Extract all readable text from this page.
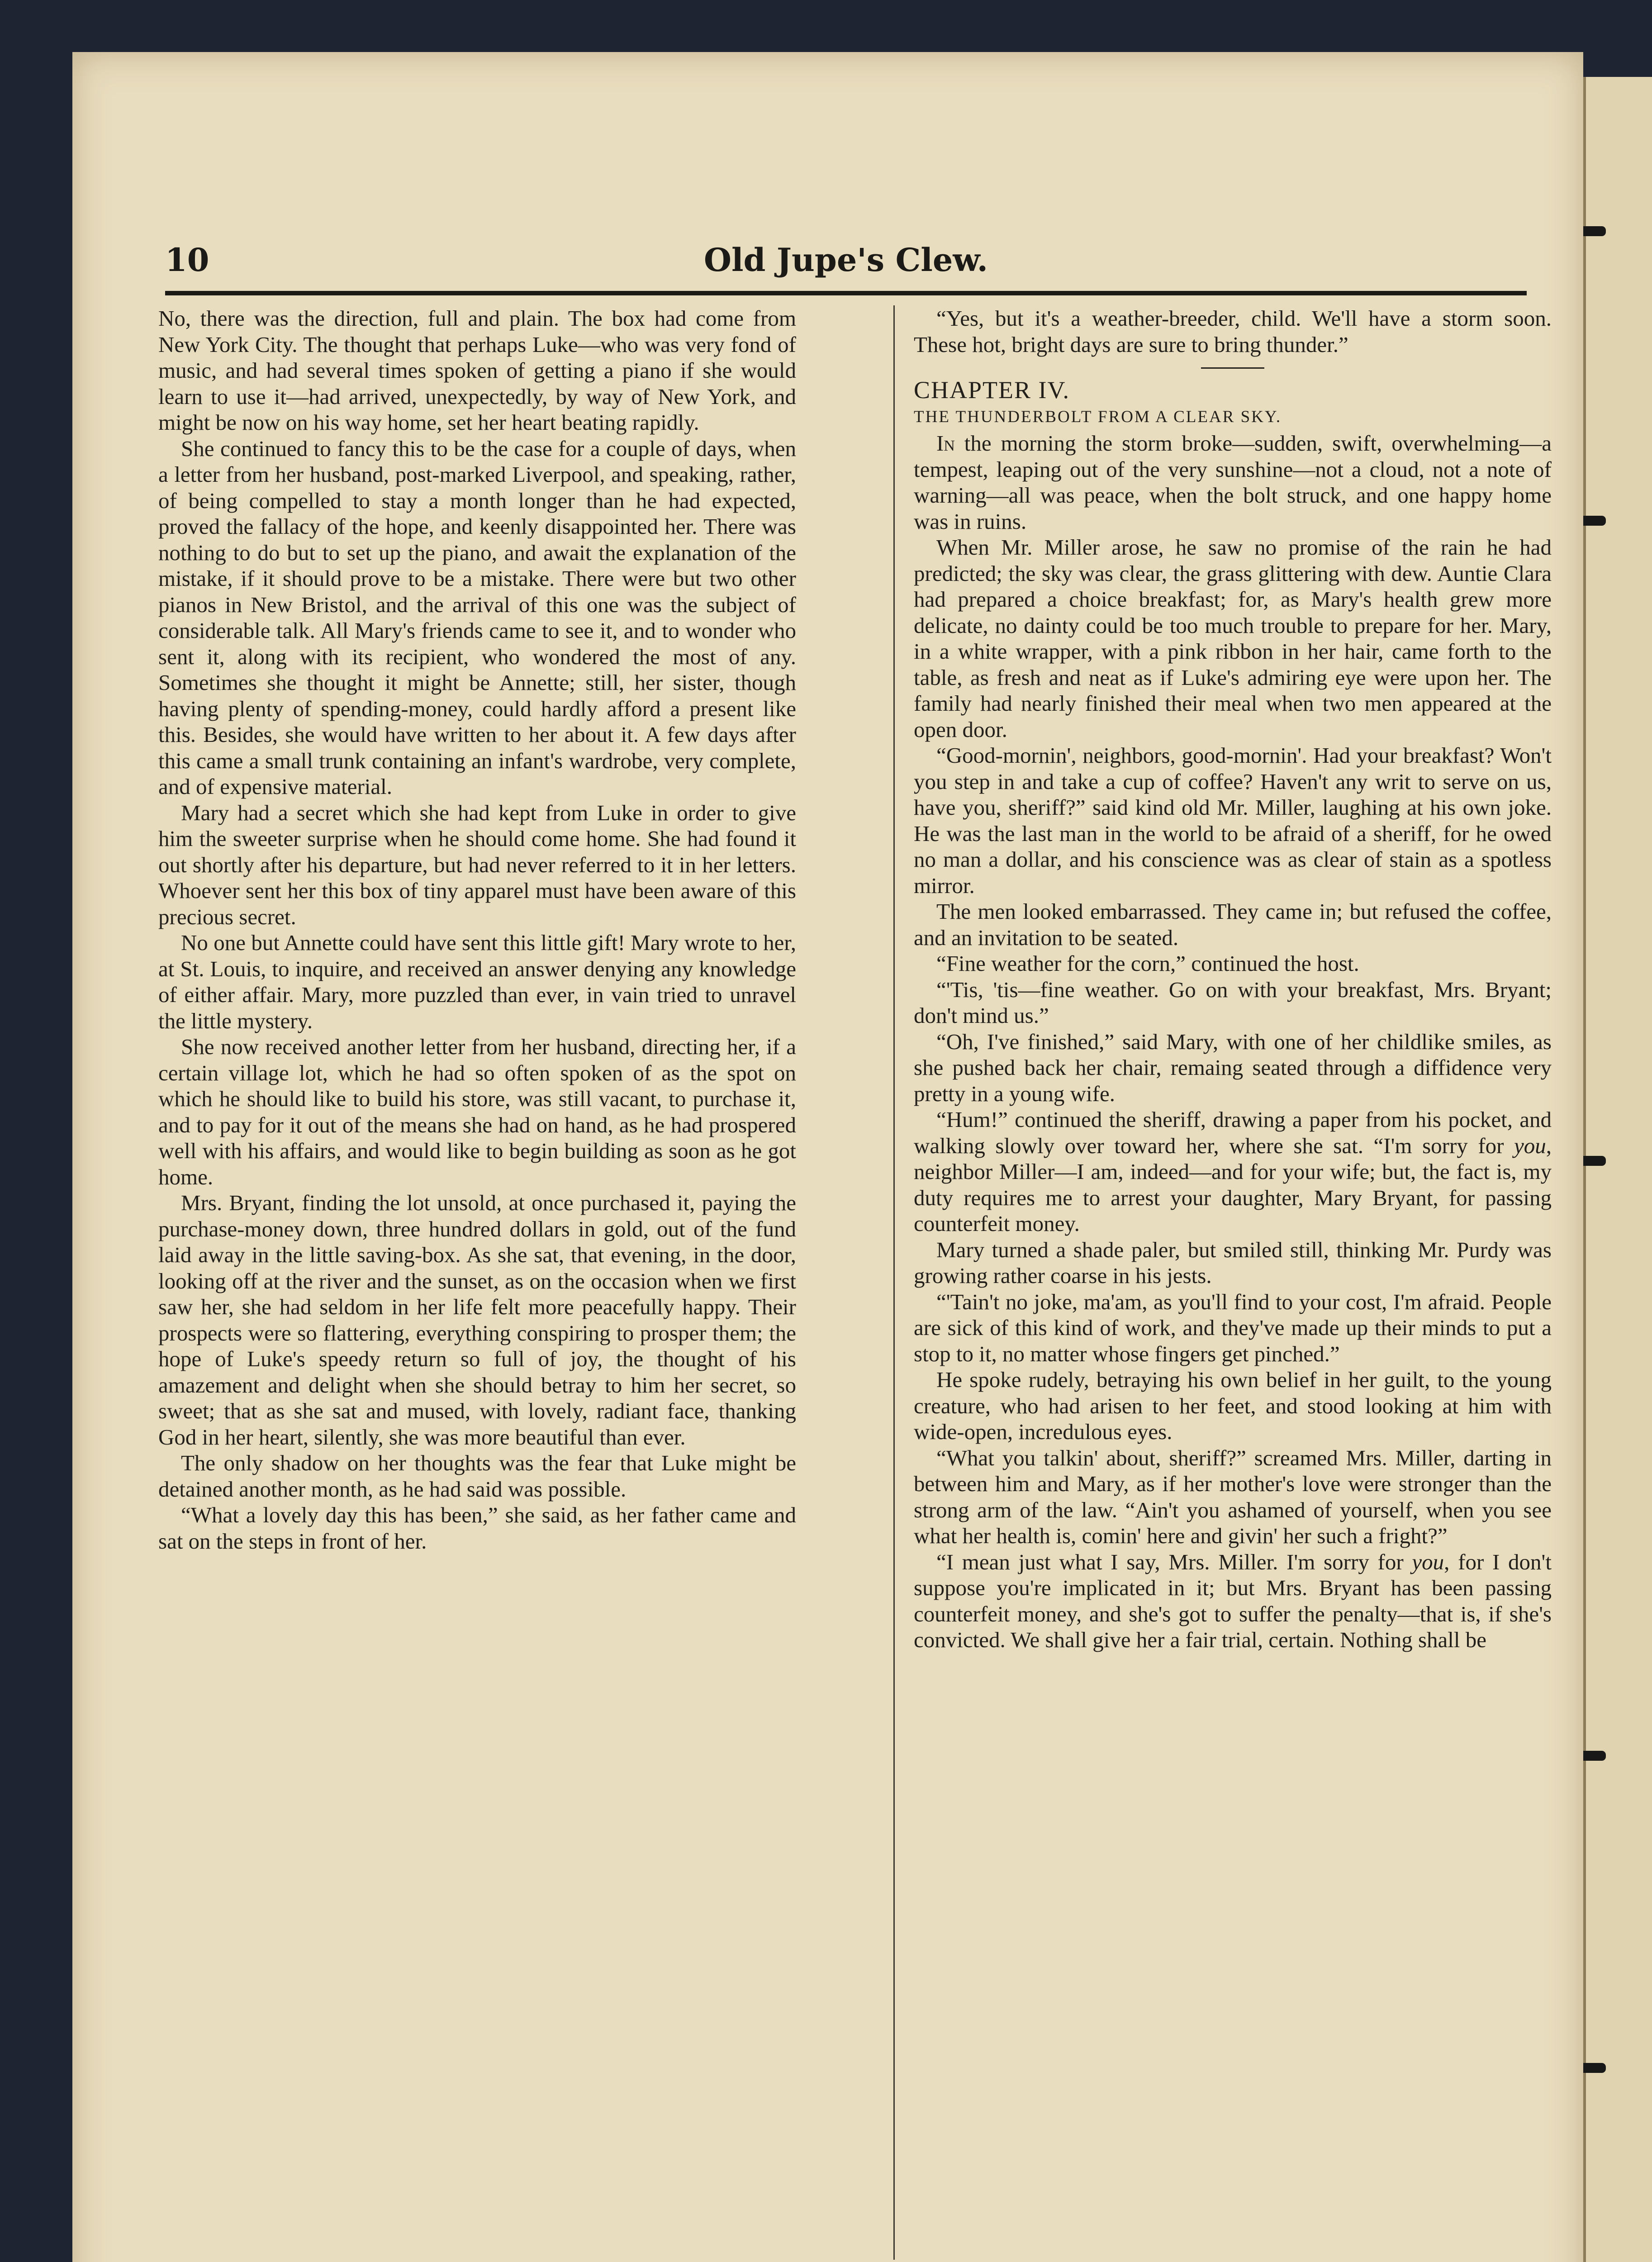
10	Old Jupe's Clew.

No, there was the direction, full and plain. The box had come from New York City. The thought that perhaps Luke—who was very fond of music, and had several times spoken of getting a piano if she would learn to use it—had arrived, unexpectedly, by way of New York, and might be now on his way home, set her heart beating rapidly.

She continued to fancy this to be the case for a couple of days, when a letter from her husband, post-marked Liverpool, and speaking, rather, of being compelled to stay a month longer than he had expected, proved the fallacy of the hope, and keenly disappointed her. There was nothing to do but to set up the piano, and await the explanation of the mistake, if it should prove to be a mistake. There were but two other pianos in New Bristol, and the arrival of this one was the subject of considerable talk. All Mary's friends came to see it, and to wonder who sent it, along with its recipient, who wondered the most of any. Sometimes she thought it might be Annette; still, her sister, though having plenty of spending-money, could hardly afford a present like this. Besides, she would have written to her about it. A few days after this came a small trunk containing an infant's wardrobe, very complete, and of expensive material.

Mary had a secret which she had kept from Luke in order to give him the sweeter surprise when he should come home. She had found it out shortly after his departure, but had never referred to it in her letters. Whoever sent her this box of tiny apparel must have been aware of this precious secret.

No one but Annette could have sent this little gift! Mary wrote to her, at St. Louis, to inquire, and received an answer denying any knowledge of either affair. Mary, more puzzled than ever, in vain tried to unravel the little mystery.

She now received another letter from her husband, directing her, if a certain village lot, which he had so often spoken of as the spot on which he should like to build his store, was still vacant, to purchase it, and to pay for it out of the means she had on hand, as he had prospered well with his affairs, and would like to begin building as soon as he got home.

Mrs. Bryant, finding the lot unsold, at once purchased it, paying the purchase-money down, three hundred dollars in gold, out of the fund laid away in the little saving-box. As she sat, that evening, in the door, looking off at the river and the sunset, as on the occasion when we first saw her, she had seldom in her life felt more peacefully happy. Their prospects were so flattering, everything conspiring to prosper them; the hope of Luke's speedy return so full of joy, the thought of his amazement and delight when she should betray to him her secret, so sweet; that as she sat and mused, with lovely, radiant face, thanking God in her heart, silently, she was more beautiful than ever.

The only shadow on her thoughts was the fear that Luke might be detained another month, as he had said was possible.

“What a lovely day this has been,” she said, as her father came and sat on the steps in front of her.

“Yes, but it's a weather-breeder, child. We'll have a storm soon. These hot, bright days are sure to bring thunder.”

CHAPTER IV.

THE THUNDERBOLT FROM A CLEAR SKY.

In the morning the storm broke—sudden, swift, overwhelming—a tempest, leaping out of the very sunshine—not a cloud, not a note of warning—all was peace, when the bolt struck, and one happy home was in ruins.

When Mr. Miller arose, he saw no promise of the rain he had predicted; the sky was clear, the grass glittering with dew. Auntie Clara had prepared a choice breakfast; for, as Mary's health grew more delicate, no dainty could be too much trouble to prepare for her. Mary, in a white wrapper, with a pink ribbon in her hair, came forth to the table, as fresh and neat as if Luke's admiring eye were upon her. The family had nearly finished their meal when two men appeared at the open door.

“Good-mornin', neighbors, good-mornin'. Had your breakfast? Won't you step in and take a cup of coffee? Haven't any writ to serve on us, have you, sheriff?” said kind old Mr. Miller, laughing at his own joke. He was the last man in the world to be afraid of a sheriff, for he owed no man a dollar, and his conscience was as clear of stain as a spotless mirror.

The men looked embarrassed. They came in; but refused the coffee, and an invitation to be seated.

“Fine weather for the corn,” continued the host.

“'Tis, 'tis—fine weather. Go on with your breakfast, Mrs. Bryant; don't mind us.”

“Oh, I've finished,” said Mary, with one of her childlike smiles, as she pushed back her chair, remaing seated through a diffidence very pretty in a young wife.

“Hum!” continued the sheriff, drawing a paper from his pocket, and walking slowly over toward her, where she sat. “I'm sorry for you, neighbor Miller—I am, indeed—and for your wife; but, the fact is, my duty requires me to arrest your daughter, Mary Bryant, for passing counterfeit money.

Mary turned a shade paler, but smiled still, thinking Mr. Purdy was growing rather coarse in his jests.

“'Tain't no joke, ma'am, as you'll find to your cost, I'm afraid. People are sick of this kind of work, and they've made up their minds to put a stop to it, no matter whose fingers get pinched.”

He spoke rudely, betraying his own belief in her guilt, to the young creature, who had arisen to her feet, and stood looking at him with wide-open, incredulous eyes.

“What you talkin' about, sheriff?” screamed Mrs. Miller, darting in between him and Mary, as if her mother's love were stronger than the strong arm of the law. “Ain't you ashamed of yourself, when you see what her health is, comin' here and givin' her such a fright?”

“I mean just what I say, Mrs. Miller. I'm sorry for you, for I don't suppose you're implicated in it; but Mrs. Bryant has been passing counterfeit money, and she's got to suffer the penalty—that is, if she's convicted. We shall give her a fair trial, certain. Nothing shall be
